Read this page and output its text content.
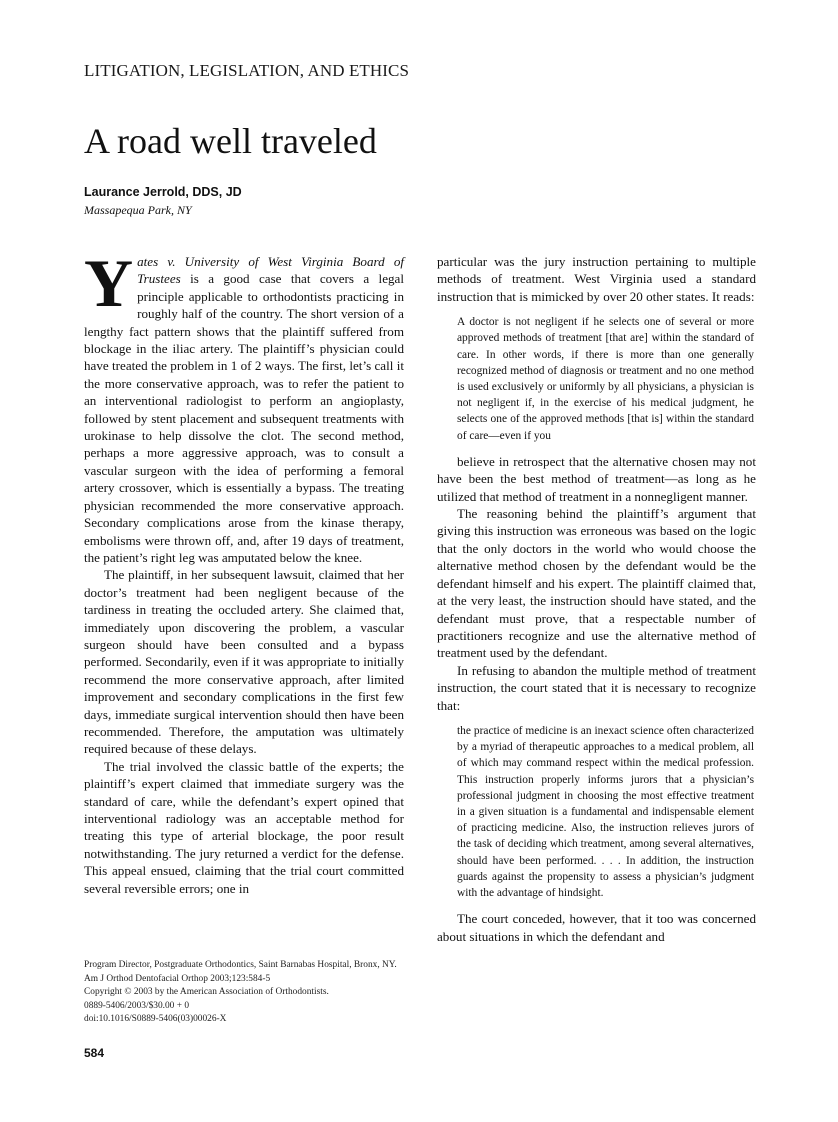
LITIGATION, LEGISLATION, AND ETHICS
A road well traveled
Laurance Jerrold, DDS, JD
Massapequa Park, NY

Yates v. University of West Virginia Board of Trustees is a good case that covers a legal principle applicable to orthodontists practicing in roughly half of the country. The short version of a lengthy fact pattern shows that the plaintiff suffered from blockage in the iliac artery. The plaintiff’s physician could have treated the problem in 1 of 2 ways. The first, let’s call it the more conservative approach, was to refer the patient to an interventional radiologist to perform an angioplasty, followed by stent placement and subsequent treatments with urokinase to help dissolve the clot. The second method, perhaps a more aggressive approach, was to consult a vascular surgeon with the idea of performing a femoral artery crossover, which is essentially a bypass. The treating physician recommended the more conservative approach. Secondary complications arose from the kinase therapy, embolisms were thrown off, and, after 19 days of treatment, the patient’s right leg was amputated below the knee.

The plaintiff, in her subsequent lawsuit, claimed that her doctor’s treatment had been negligent because of the tardiness in treating the occluded artery. She claimed that, immediately upon discovering the problem, a vascular surgeon should have been consulted and a bypass performed. Secondarily, even if it was appropriate to initially recommend the more conservative approach, after limited improvement and secondary complications in the first few days, immediate surgical intervention should then have been recommended. Therefore, the amputation was ultimately required because of these delays.

The trial involved the classic battle of the experts; the plaintiff’s expert claimed that immediate surgery was the standard of care, while the defendant’s expert opined that interventional radiology was an acceptable method for treating this type of arterial blockage, the poor result notwithstanding. The jury returned a verdict for the defense. This appeal ensued, claiming that the trial court committed several reversible errors; one in

particular was the jury instruction pertaining to multiple methods of treatment. West Virginia used a standard instruction that is mimicked by over 20 other states. It reads:

A doctor is not negligent if he selects one of several or more approved methods of treatment [that are] within the standard of care. In other words, if there is more than one generally recognized method of diagnosis or treatment and no one method is used exclusively or uniformly by all physicians, a physician is not negligent if, in the exercise of his medical judgment, he selects one of the approved methods [that is] within the standard of care—even if you

believe in retrospect that the alternative chosen may not have been the best method of treatment—as long as he utilized that method of treatment in a nonnegligent manner.

The reasoning behind the plaintiff’s argument that giving this instruction was erroneous was based on the logic that the only doctors in the world who would choose the alternative method chosen by the defendant would be the defendant himself and his expert. The plaintiff claimed that, at the very least, the instruction should have stated, and the defendant must prove, that a respectable number of practitioners recognize and use the alternative method of treatment used by the defendant.

In refusing to abandon the multiple method of treatment instruction, the court stated that it is necessary to recognize that:

the practice of medicine is an inexact science often characterized by a myriad of therapeutic approaches to a medical problem, all of which may command respect within the medical profession. This instruction properly informs jurors that a physician’s professional judgment in choosing the most effective treatment in a given situation is a fundamental and indispensable element of practicing medicine. Also, the instruction relieves jurors of the task of deciding which treatment, among several alternatives, should have been performed. . . . In addition, the instruction guards against the propensity to assess a physician’s judgment with the advantage of hindsight.

The court conceded, however, that it too was concerned about situations in which the defendant and

Program Director, Postgraduate Orthodontics, Saint Barnabas Hospital, Bronx, NY.
Am J Orthod Dentofacial Orthop 2003;123:584-5
Copyright © 2003 by the American Association of Orthodontists.
0889-5406/2003/$30.00 + 0
doi:10.1016/S0889-5406(03)00026-X
584
